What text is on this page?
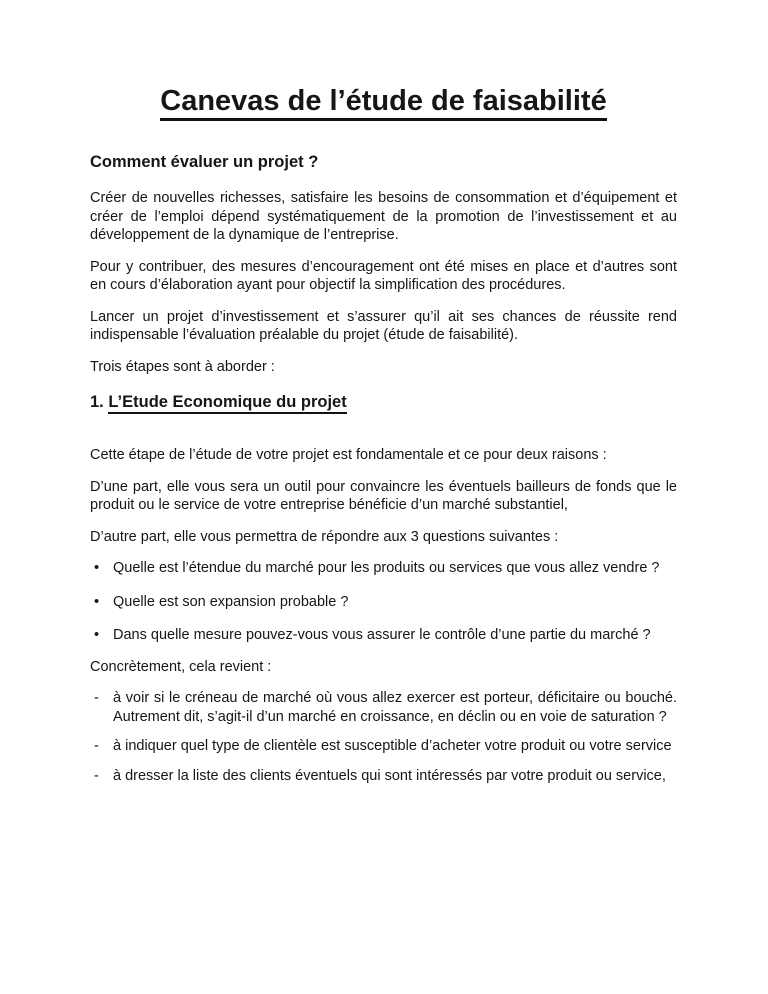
Canevas de l’étude de faisabilité
Comment évaluer un projet ?

Créer de nouvelles richesses, satisfaire les besoins de consommation et d’équipement et créer de l’emploi dépend systématiquement de la promotion de l’investissement et au développement de la dynamique de l’entreprise.

Pour y contribuer, des mesures d’encouragement ont été mises en place et d’autres sont en cours d’élaboration ayant pour objectif la simplification des procédures.

Lancer un projet d’investissement et s’assurer qu’il ait ses chances de réussite rend indispensable l’évaluation préalable du projet (étude de faisabilité).

Trois étapes sont à aborder :

1. L’Etude Economique du projet

Cette étape de l’étude de votre projet est fondamentale et ce pour deux raisons :

D’une part, elle vous sera un outil pour convaincre les éventuels bailleurs de fonds que le produit ou le service de votre entreprise bénéficie d’un marché substantiel,

D’autre part, elle vous permettra de répondre aux 3 questions suivantes :

• Quelle est l’étendue du marché pour les produits ou services que vous allez vendre ?
• Quelle est son expansion probable ?
• Dans quelle mesure pouvez-vous vous assurer le contrôle d’une partie du marché ?

Concrètement, cela revient :

- à voir si le créneau de marché où vous allez exercer est porteur, déficitaire ou bouché. Autrement dit, s’agit-il d’un marché en croissance, en déclin ou en voie de saturation ?
- à indiquer quel type de clientèle est susceptible d’acheter votre produit ou votre service
- à dresser la liste des clients éventuels qui sont intéressés par votre produit ou service,
